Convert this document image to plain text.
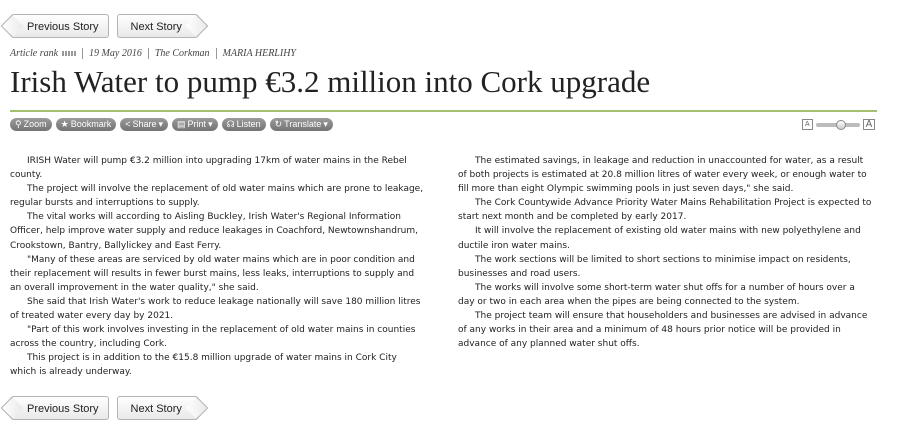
Previous Story	Next Story
Article rank	19 May 2016 The Corkman MARIA HERLIHY
Irish Water to pump €3.2 million into Cork upgrade
⚲ Zoom ★ Bookmark < Share ▾ ▤ Print ▾ ☊ Listen ↻ Translate ▾	A	A

IRISH Water will pump €3.2 million into upgrading 17km of water mains in the Rebel county.

The project will involve the replacement of old water mains which are prone to leakage, regular bursts and interruptions to supply.

The vital works will according to Aisling Buckley, Irish Water's Regional Information Officer, help improve water supply and reduce leakages in Coachford, Newtownshandrum, Crookstown, Bantry, Ballylickey and East Ferry.

"Many of these areas are serviced by old water mains which are in poor condition and their replacement will results in fewer burst mains, less leaks, interruptions to supply and an overall improvement in the water quality," she said.

She said that Irish Water's work to reduce leakage nationally will save 180 million litres of treated water every day by 2021.

"Part of this work involves investing in the replacement of old water mains in counties across the country, including Cork.

This project is in addition to the €15.8 million upgrade of water mains in Cork City which is already underway.

The estimated savings, in leakage and reduction in unaccounted for water, as a result of both projects is estimated at 20.8 million litres of water every week, or enough water to fill more than eight Olympic swimming pools in just seven days," she said.

The Cork Countywide Advance Priority Water Mains Rehabilitation Project is expected to start next month and be completed by early 2017.

It will involve the replacement of existing old water mains with new polyethylene and ductile iron water mains.

The work sections will be limited to short sections to minimise impact on residents, businesses and road users.

The works will involve some short-term water shut offs for a number of hours over a day or two in each area when the pipes are being connected to the system.

The project team will ensure that householders and businesses are advised in advance of any works in their area and a minimum of 48 hours prior notice will be provided in advance of any planned water shut offs.

Previous Story	Next Story
